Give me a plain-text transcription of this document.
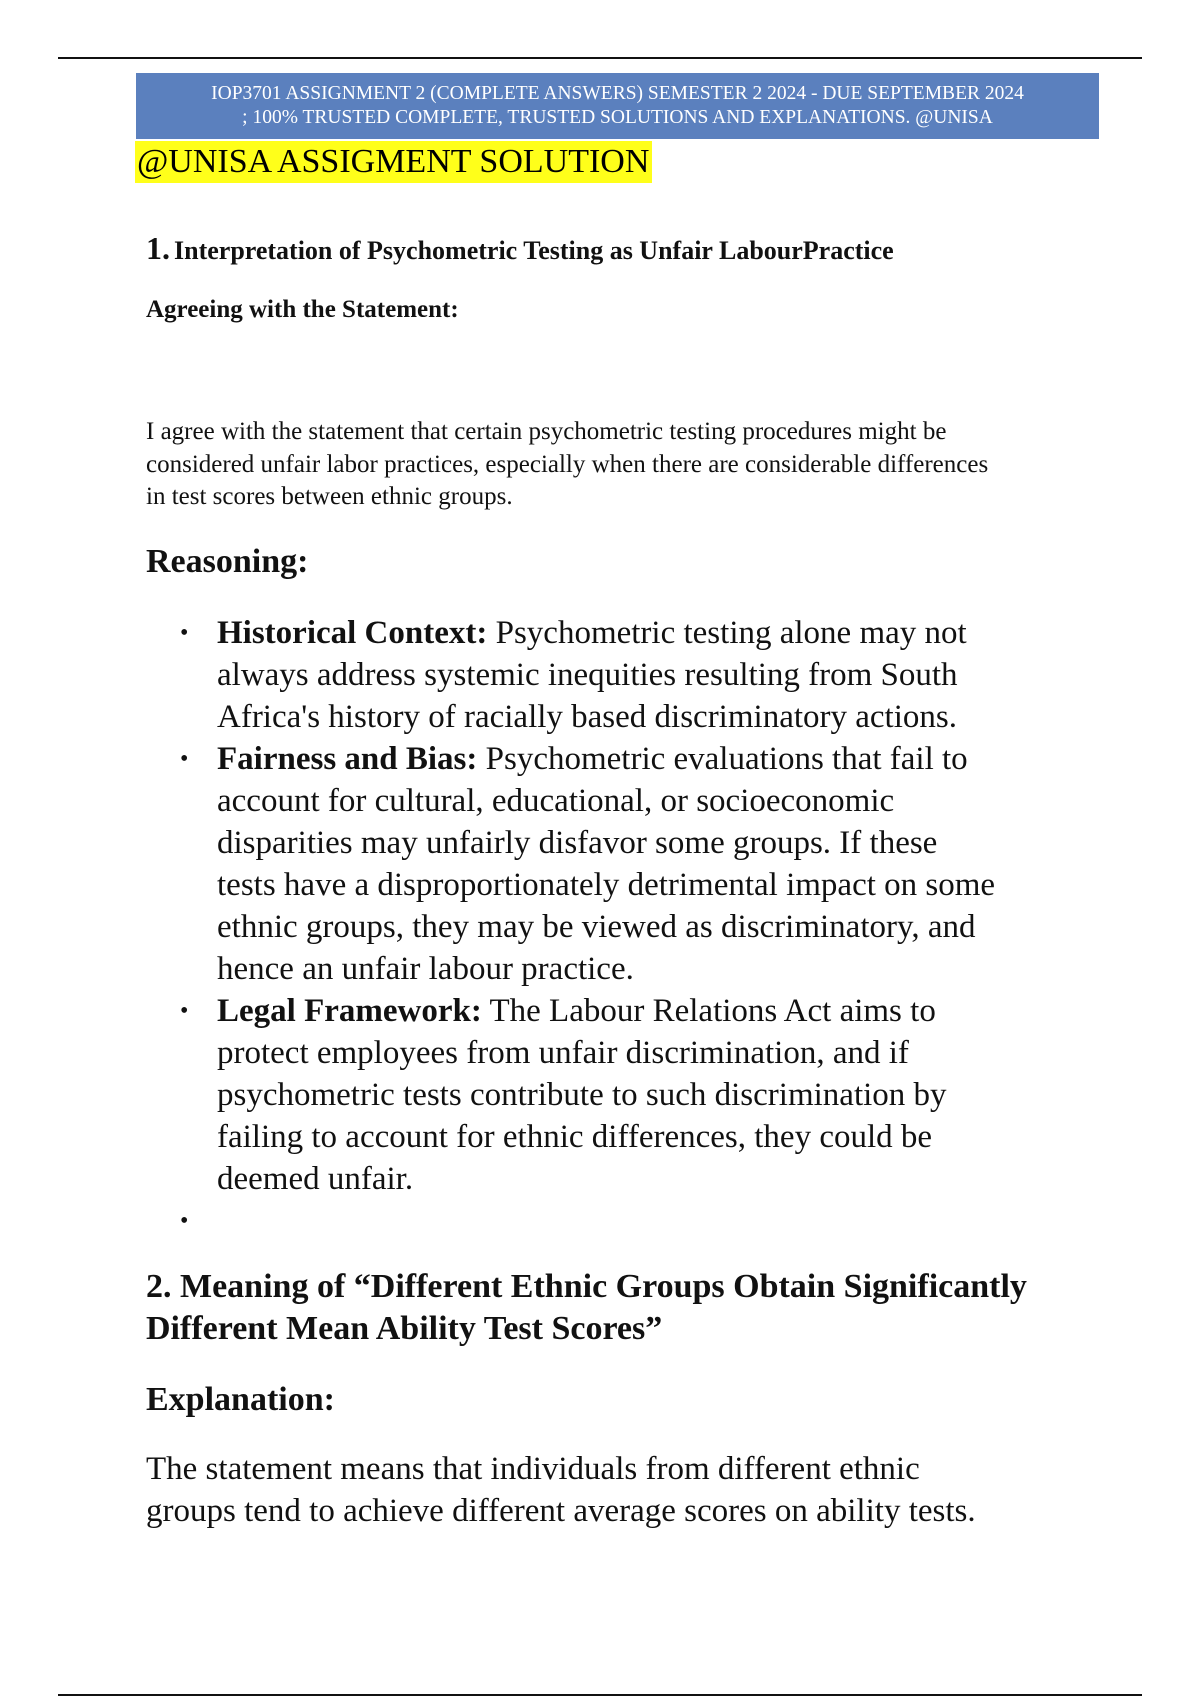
IOP3701 ASSIGNMENT 2 (COMPLETE ANSWERS) SEMESTER 2 2024 - DUE SEPTEMBER 2024
; 100% TRUSTED COMPLETE, TRUSTED SOLUTIONS AND EXPLANATIONS. @UNISA
@UNISA ASSIGMENT SOLUTION
1. Interpretation of Psychometric Testing as Unfair LabourPractice
Agreeing with the Statement:
I agree with the statement that certain psychometric testing procedures might be
considered unfair labor practices, especially when there are considerable differences
in test scores between ethnic groups.
Reasoning:
• Historical Context: Psychometric testing alone may not
always address systemic inequities resulting from South
Africa's history of racially based discriminatory actions.
• Fairness and Bias: Psychometric evaluations that fail to
account for cultural, educational, or socioeconomic
disparities may unfairly disfavor some groups. If these
tests have a disproportionately detrimental impact on some
ethnic groups, they may be viewed as discriminatory, and
hence an unfair labour practice.
• Legal Framework: The Labour Relations Act aims to
protect employees from unfair discrimination, and if
psychometric tests contribute to such discrimination by
failing to account for ethnic differences, they could be
deemed unfair.
•
2. Meaning of “Different Ethnic Groups Obtain Significantly
Different Mean Ability Test Scores”
Explanation:
The statement means that individuals from different ethnic
groups tend to achieve different average scores on ability tests.
